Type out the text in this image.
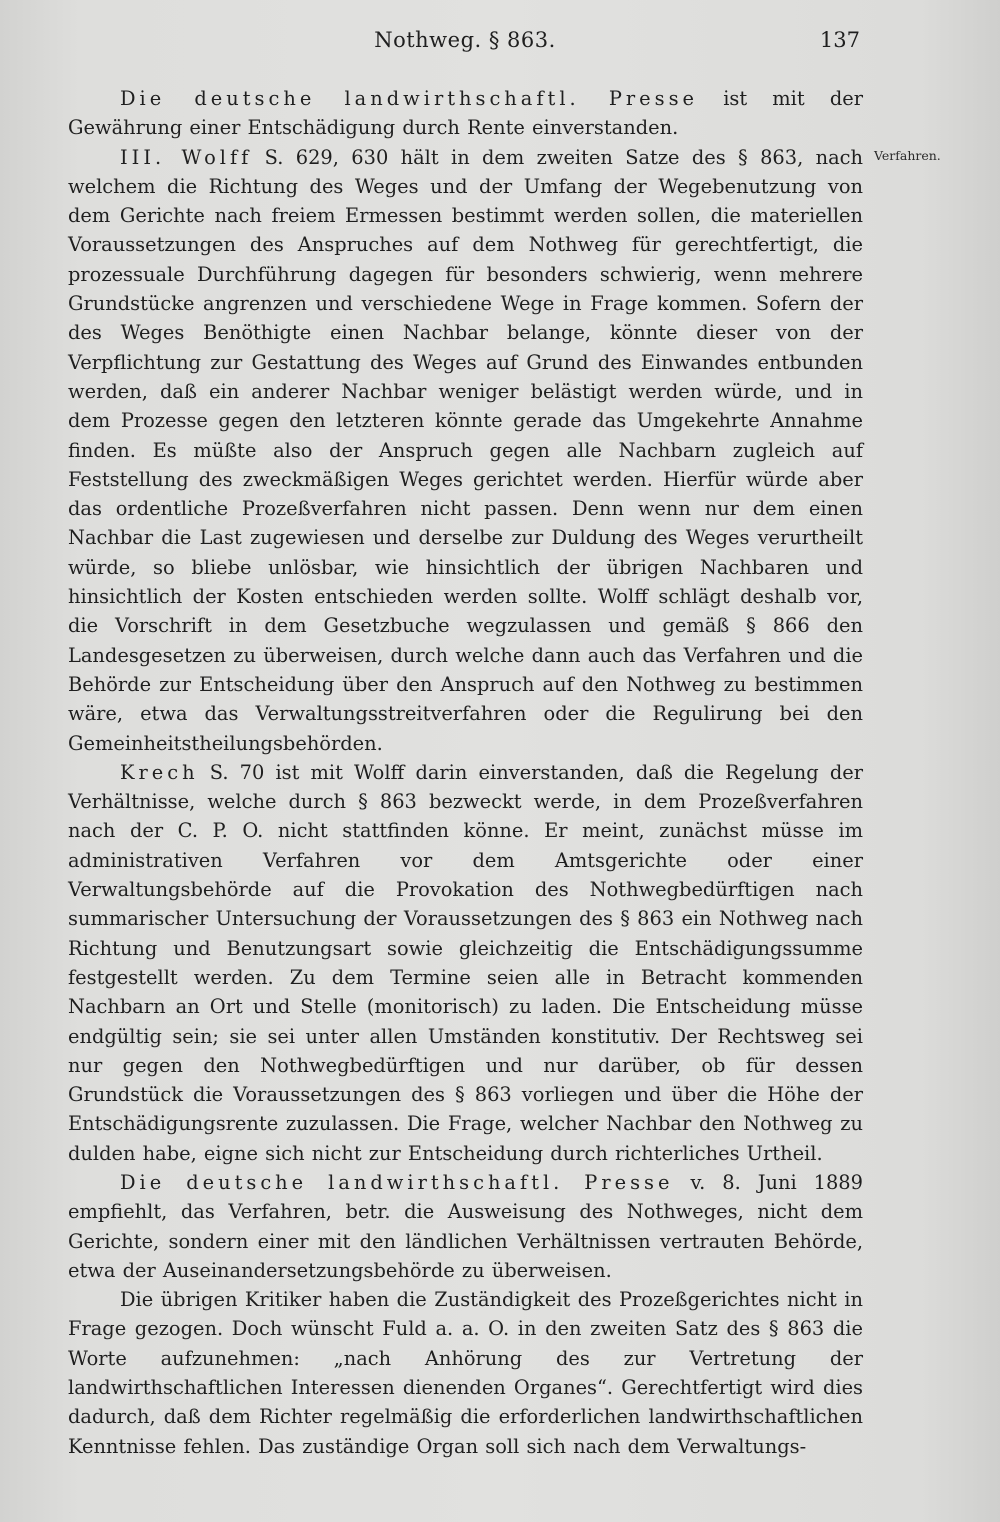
Nothweg. § 863.	137
Verfahren.

Die deutsche landwirthschaftl. Presse ist mit der Gewährung einer Entschädigung durch Rente einverstanden.

III. Wolff S. 629, 630 hält in dem zweiten Satze des § 863, nach welchem die Richtung des Weges und der Umfang der Wegebenutzung von dem Gerichte nach freiem Ermessen bestimmt werden sollen, die materiellen Voraussetzungen des Anspruches auf dem Nothweg für gerechtfertigt, die prozessuale Durchführung dagegen für besonders schwierig, wenn mehrere Grundstücke angrenzen und verschiedene Wege in Frage kommen. Sofern der des Weges Benöthigte einen Nachbar belange, könnte dieser von der Verpflichtung zur Gestattung des Weges auf Grund des Einwandes entbunden werden, daß ein anderer Nachbar weniger belästigt werden würde, und in dem Prozesse gegen den letzteren könnte gerade das Umgekehrte Annahme finden. Es müßte also der Anspruch gegen alle Nachbarn zugleich auf Feststellung des zweckmäßigen Weges gerichtet werden. Hierfür würde aber das ordentliche Prozeßverfahren nicht passen. Denn wenn nur dem einen Nachbar die Last zugewiesen und derselbe zur Duldung des Weges verurtheilt würde, so bliebe unlösbar, wie hinsichtlich der übrigen Nachbaren und hinsichtlich der Kosten entschieden werden sollte. Wolff schlägt deshalb vor, die Vorschrift in dem Gesetzbuche wegzulassen und gemäß § 866 den Landesgesetzen zu überweisen, durch welche dann auch das Verfahren und die Behörde zur Entscheidung über den Anspruch auf den Nothweg zu bestimmen wäre, etwa das Verwaltungsstreitverfahren oder die Regulirung bei den Gemeinheitstheilungsbehörden.

Krech S. 70 ist mit Wolff darin einverstanden, daß die Regelung der Verhältnisse, welche durch § 863 bezweckt werde, in dem Prozeßverfahren nach der C. P. O. nicht stattfinden könne. Er meint, zunächst müsse im administrativen Verfahren vor dem Amtsgerichte oder einer Verwaltungsbehörde auf die Provokation des Nothwegbedürftigen nach summarischer Untersuchung der Voraussetzungen des § 863 ein Nothweg nach Richtung und Benutzungsart sowie gleichzeitig die Entschädigungssumme festgestellt werden. Zu dem Termine seien alle in Betracht kommenden Nachbarn an Ort und Stelle (monitorisch) zu laden. Die Entscheidung müsse endgültig sein; sie sei unter allen Umständen konstitutiv. Der Rechtsweg sei nur gegen den Nothwegbedürftigen und nur darüber, ob für dessen Grundstück die Voraussetzungen des § 863 vorliegen und über die Höhe der Entschädigungsrente zuzulassen. Die Frage, welcher Nachbar den Nothweg zu dulden habe, eigne sich nicht zur Entscheidung durch richterliches Urtheil.

Die deutsche landwirthschaftl. Presse v. 8. Juni 1889 empfiehlt, das Verfahren, betr. die Ausweisung des Nothweges, nicht dem Gerichte, sondern einer mit den ländlichen Verhältnissen vertrauten Behörde, etwa der Auseinandersetzungsbehörde zu überweisen.

Die übrigen Kritiker haben die Zuständigkeit des Prozeßgerichtes nicht in Frage gezogen. Doch wünscht Fuld a. a. O. in den zweiten Satz des § 863 die Worte aufzunehmen: „nach Anhörung des zur Vertretung der landwirthschaftlichen Interessen dienenden Organes“. Gerechtfertigt wird dies dadurch, daß dem Richter regelmäßig die erforderlichen landwirthschaftlichen Kenntnisse fehlen. Das zuständige Organ soll sich nach dem Verwaltungs-
